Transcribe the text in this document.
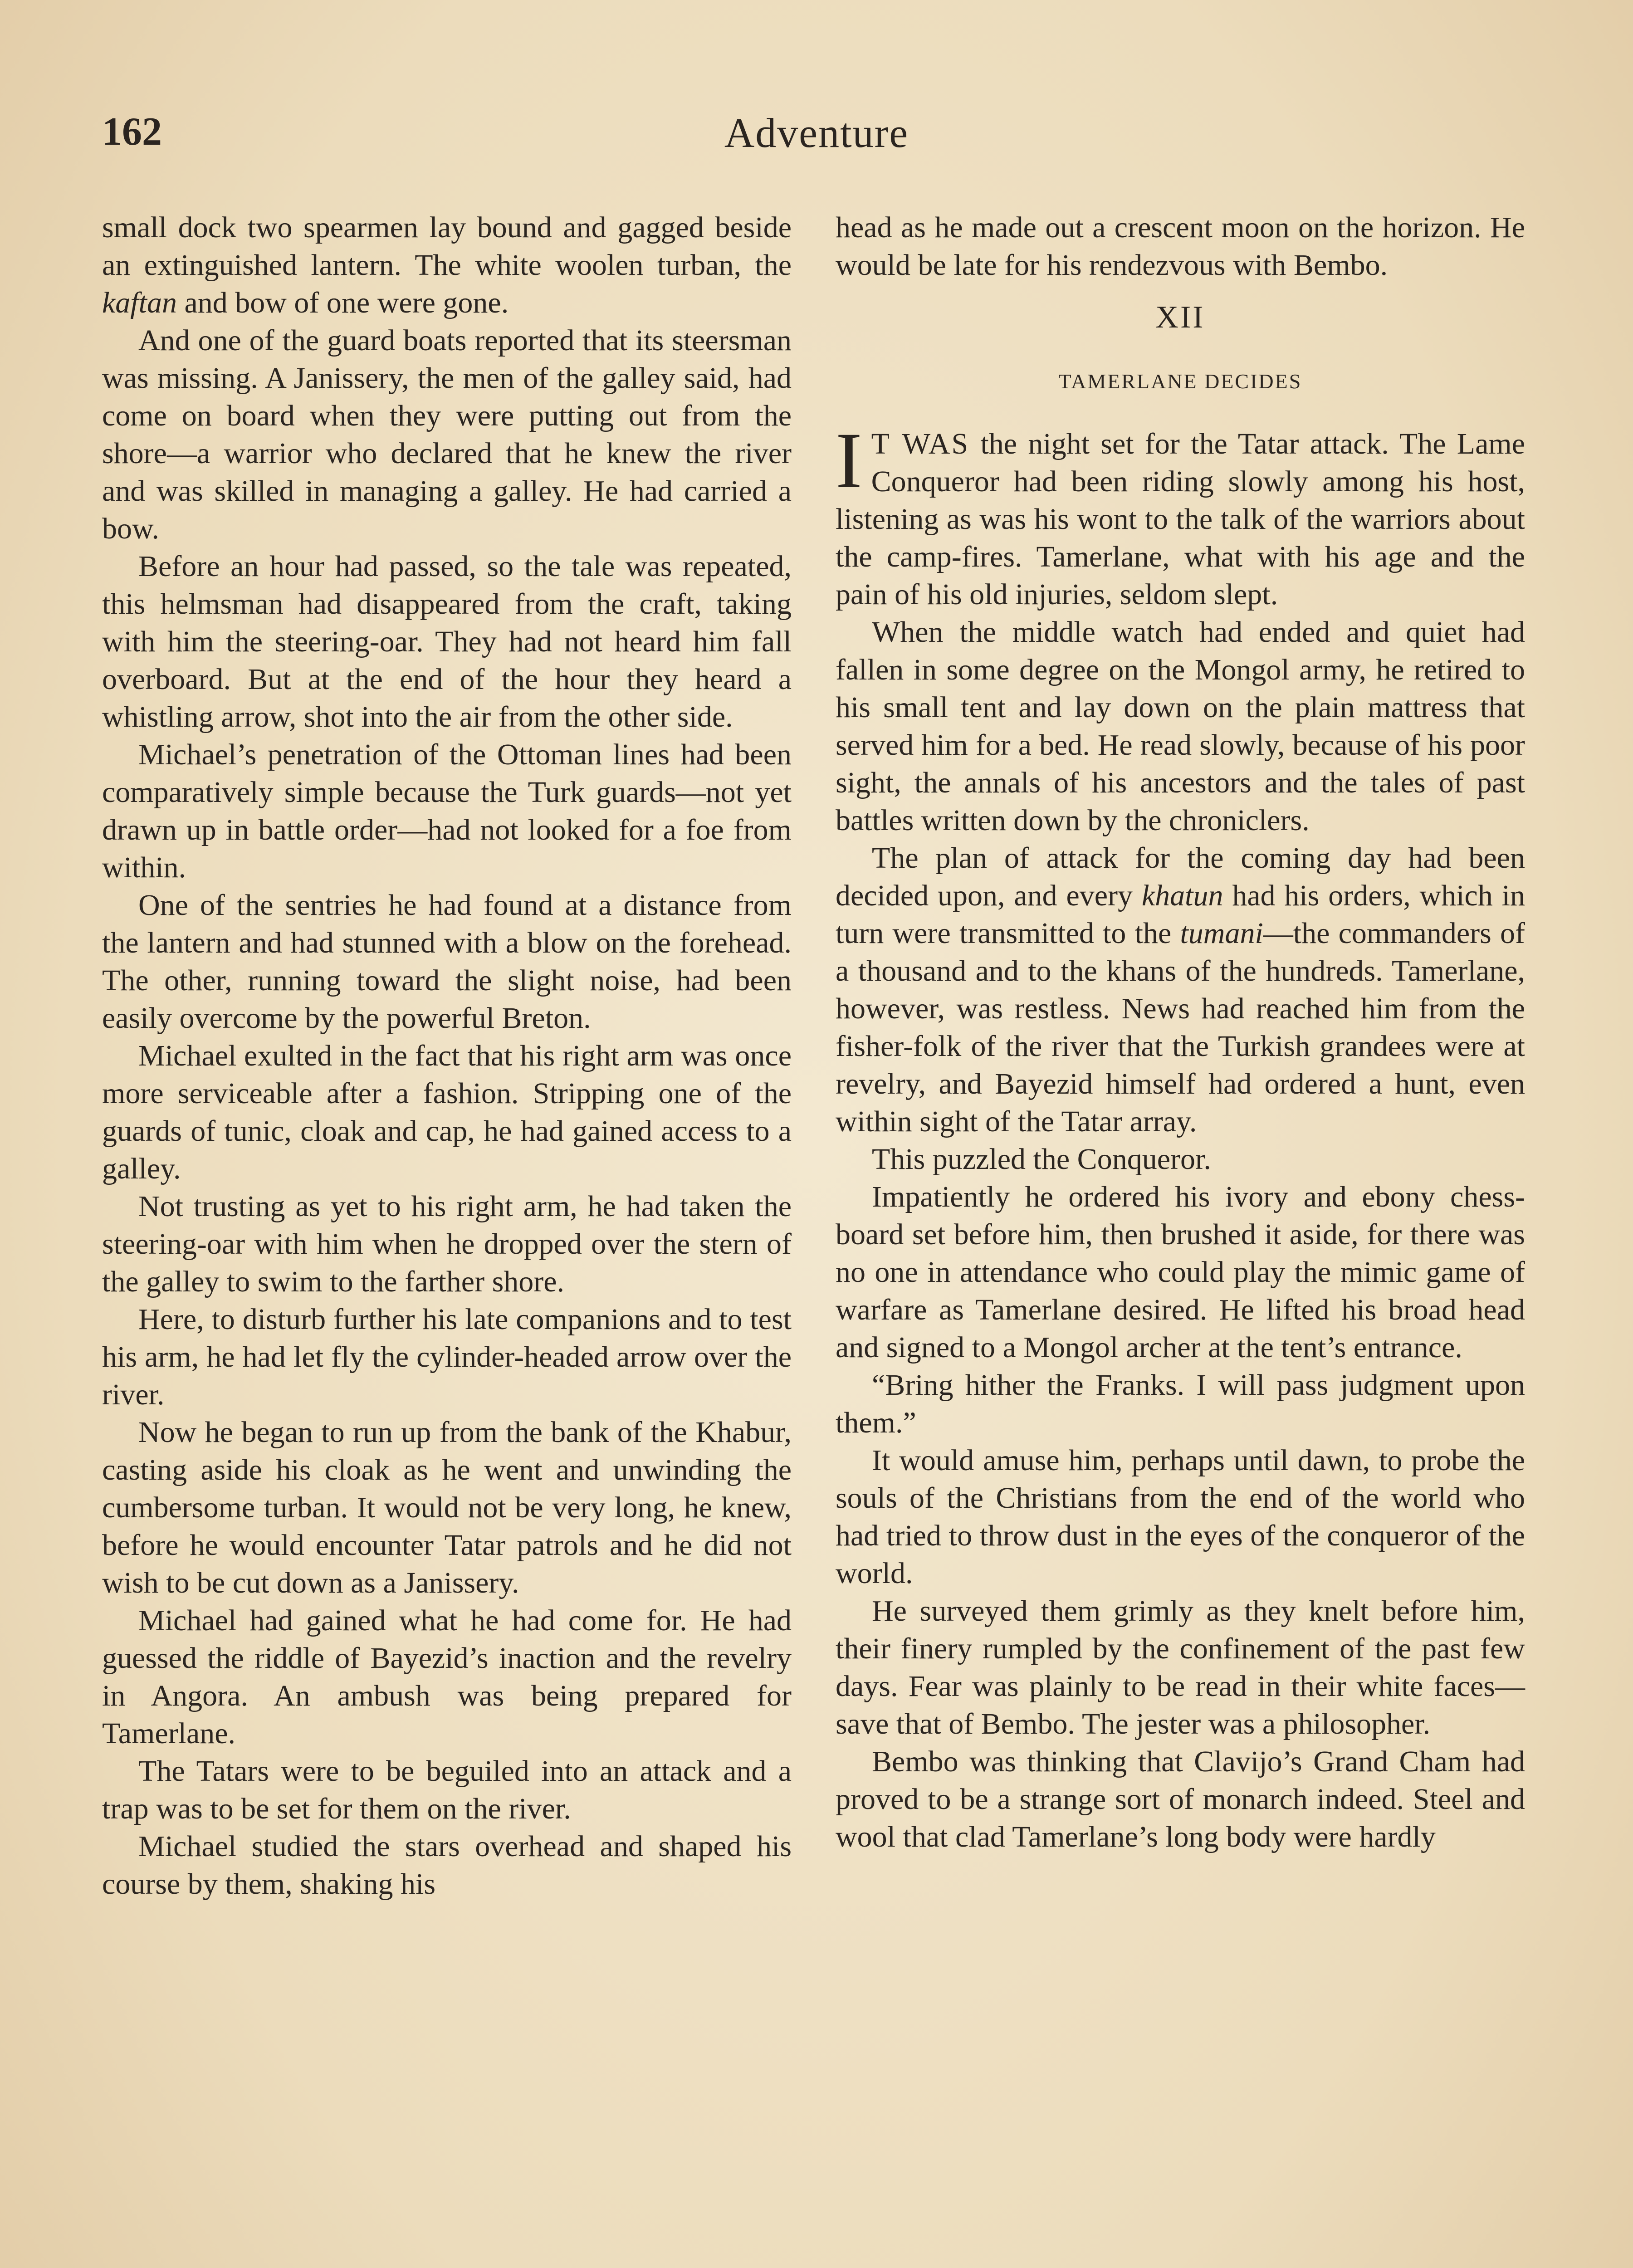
162	Adventure

small dock two spearmen lay bound and gagged beside an extinguished lantern. The white woolen turban, the kaftan and bow of one were gone.

And one of the guard boats reported that its steersman was missing. A Janissery, the men of the galley said, had come on board when they were putting out from the shore—a warrior who declared that he knew the river and was skilled in managing a galley. He had carried a bow.

Before an hour had passed, so the tale was repeated, this helmsman had disappeared from the craft, taking with him the steering-oar. They had not heard him fall overboard. But at the end of the hour they heard a whistling arrow, shot into the air from the other side.

Michael’s penetration of the Ottoman lines had been comparatively simple because the Turk guards—not yet drawn up in battle order—had not looked for a foe from within.

One of the sentries he had found at a distance from the lantern and had stunned with a blow on the forehead. The other, running toward the slight noise, had been easily overcome by the powerful Breton.

Michael exulted in the fact that his right arm was once more serviceable after a fashion. Stripping one of the guards of tunic, cloak and cap, he had gained access to a galley.

Not trusting as yet to his right arm, he had taken the steering-oar with him when he dropped over the stern of the galley to swim to the farther shore.

Here, to disturb further his late companions and to test his arm, he had let fly the cylinder-headed arrow over the river.

Now he began to run up from the bank of the Khabur, casting aside his cloak as he went and unwinding the cumbersome turban. It would not be very long, he knew, before he would encounter Tatar patrols and he did not wish to be cut down as a Janissery.

Michael had gained what he had come for. He had guessed the riddle of Bayezid’s inaction and the revelry in Angora. An ambush was being prepared for Tamerlane.

The Tatars were to be beguiled into an attack and a trap was to be set for them on the river.

Michael studied the stars overhead and shaped his course by them, shaking his

head as he made out a crescent moon on the horizon. He would be late for his rendezvous with Bembo.

XII
TAMERLANE DECIDES

I T WAS the night set for the Tatar attack. The Lame Conqueror had been riding slowly among his host, listening as was his wont to the talk of the warriors about the camp-fires. Tamerlane, what with his age and the pain of his old injuries, seldom slept.

When the middle watch had ended and quiet had fallen in some degree on the Mongol army, he retired to his small tent and lay down on the plain mattress that served him for a bed. He read slowly, because of his poor sight, the annals of his ancestors and the tales of past battles written down by the chroniclers.

The plan of attack for the coming day had been decided upon, and every khatun had his orders, which in turn were transmitted to the tumani—the commanders of a thousand and to the khans of the hundreds. Tamerlane, however, was restless. News had reached him from the fisher-folk of the river that the Turkish grandees were at revelry, and Bayezid himself had ordered a hunt, even within sight of the Tatar array.

This puzzled the Conqueror.

Impatiently he ordered his ivory and ebony chess-board set before him, then brushed it aside, for there was no one in attendance who could play the mimic game of warfare as Tamerlane desired. He lifted his broad head and signed to a Mongol archer at the tent’s entrance.

“Bring hither the Franks. I will pass judgment upon them.”

It would amuse him, perhaps until dawn, to probe the souls of the Christians from the end of the world who had tried to throw dust in the eyes of the conqueror of the world.

He surveyed them grimly as they knelt before him, their finery rumpled by the confinement of the past few days. Fear was plainly to be read in their white faces—save that of Bembo. The jester was a philosopher.

Bembo was thinking that Clavijo’s Grand Cham had proved to be a strange sort of monarch indeed. Steel and wool that clad Tamerlane’s long body were hardly
